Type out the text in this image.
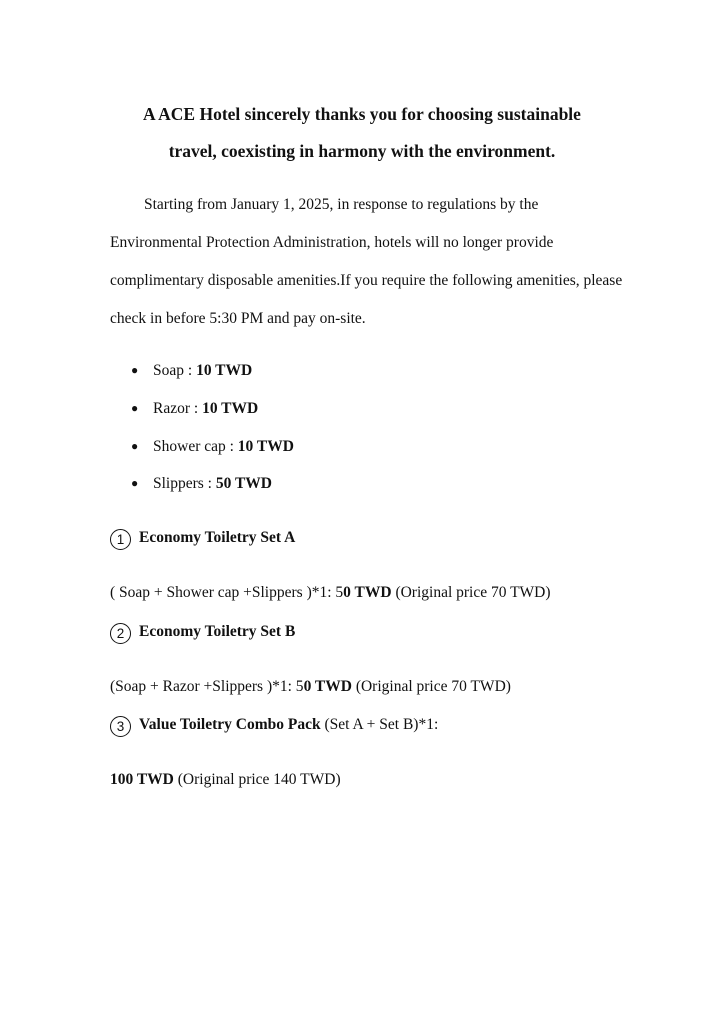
A ACE Hotel sincerely thanks you for choosing sustainable
travel, coexisting in harmony with the environment.

Starting from January 1, 2025, in response to regulations by the Environmental Protection Administration, hotels will no longer provide complimentary disposable amenities.If you require the following amenities, please check in before 5:30 PM and pay on-site.

● Soap : 10 TWD
● Razor : 10 TWD
● Shower cap : 10 TWD
● Slippers : 50 TWD
1 Economy Toiletry Set A
( Soap + Shower cap +Slippers )*1: 50 TWD (Original price 70 TWD)
2 Economy Toiletry Set B
(Soap + Razor +Slippers )*1: 50 TWD (Original price 70 TWD)
3 Value Toiletry Combo Pack (Set A + Set B)*1:
100 TWD (Original price 140 TWD)
